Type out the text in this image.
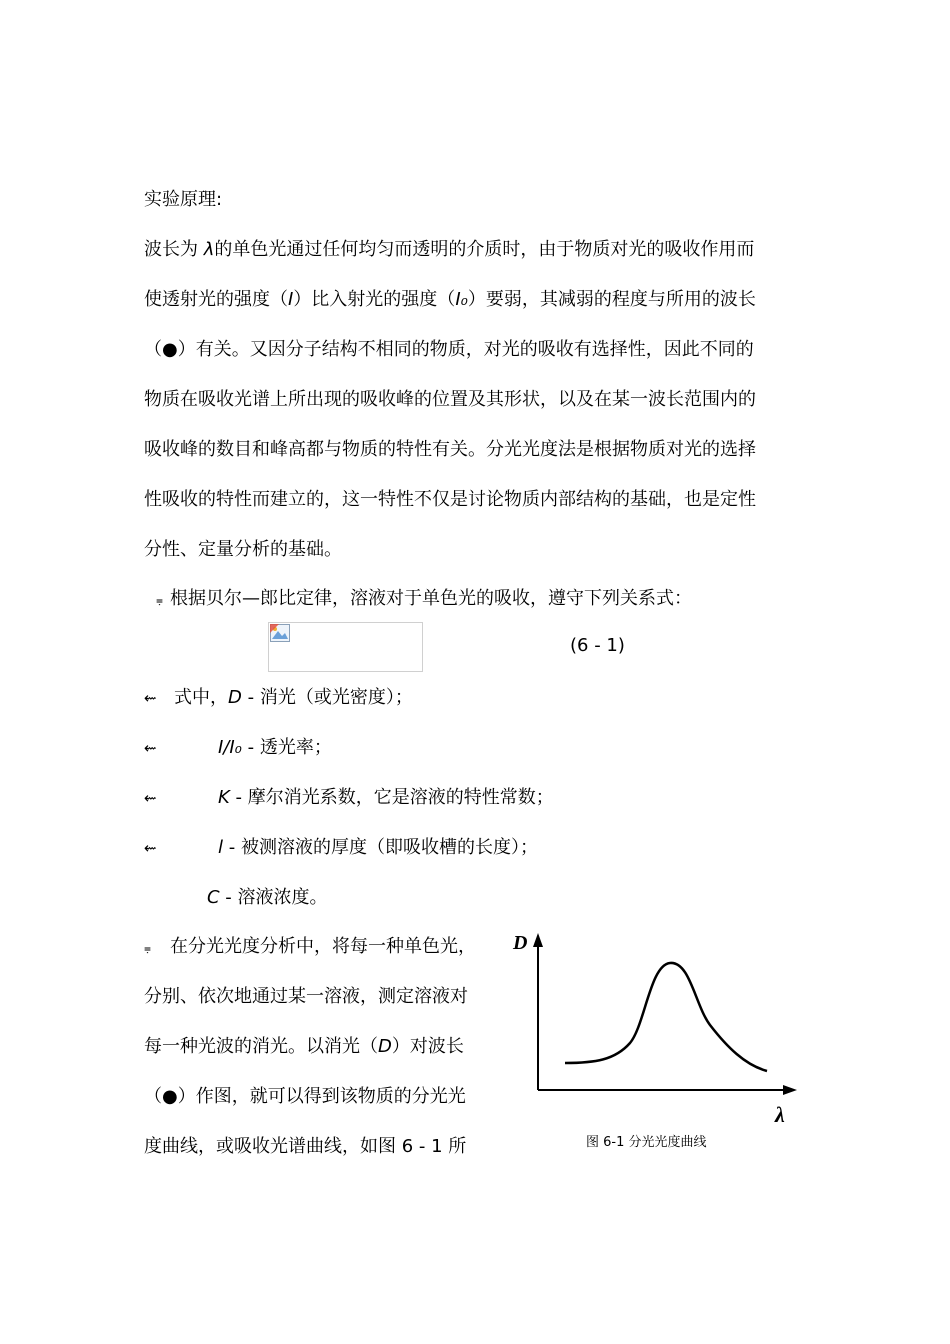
实验原理:
波长为 λ的单色光通过任何均匀而透明的介质时，由于物质对光的吸收作用而
使透射光的强度（I）比入射光的强度（I₀）要弱，其减弱的程度与所用的波长
（●）有关。又因分子结构不相同的物质，对光的吸收有选择性，因此不同的
物质在吸收光谱上所出现的吸收峰的位置及其形状，以及在某一波长范围内的
吸收峰的数目和峰高都与物质的特性有关。分光光度法是根据物质对光的选择
性吸收的特性而建立的，这一特性不仅是讨论物质内部结构的基础，也是定性
分性、定量分析的基础。
⩦ 根据贝尔—郎比定律，溶液对于单色光的吸收，遵守下列关系式：
(6 - 1)
⇜ 式中，D - 消光（或光密度）；
⇜	I/I₀ - 透光率；
⇜	K - 摩尔消光系数，它是溶液的特性常数；
⇜	l - 被测溶液的厚度（即吸收槽的长度）；
C - 溶液浓度。
⩦ 在分光光度分析中，将每一种单色光，
分别、依次地通过某一溶液，测定溶液对
每一种光波的消光。以消光（D）对波长
（●）作图，就可以得到该物质的分光光
度曲线，或吸收光谱曲线，如图 6 - 1 所
D
λ
图 6-1 分光光度曲线
